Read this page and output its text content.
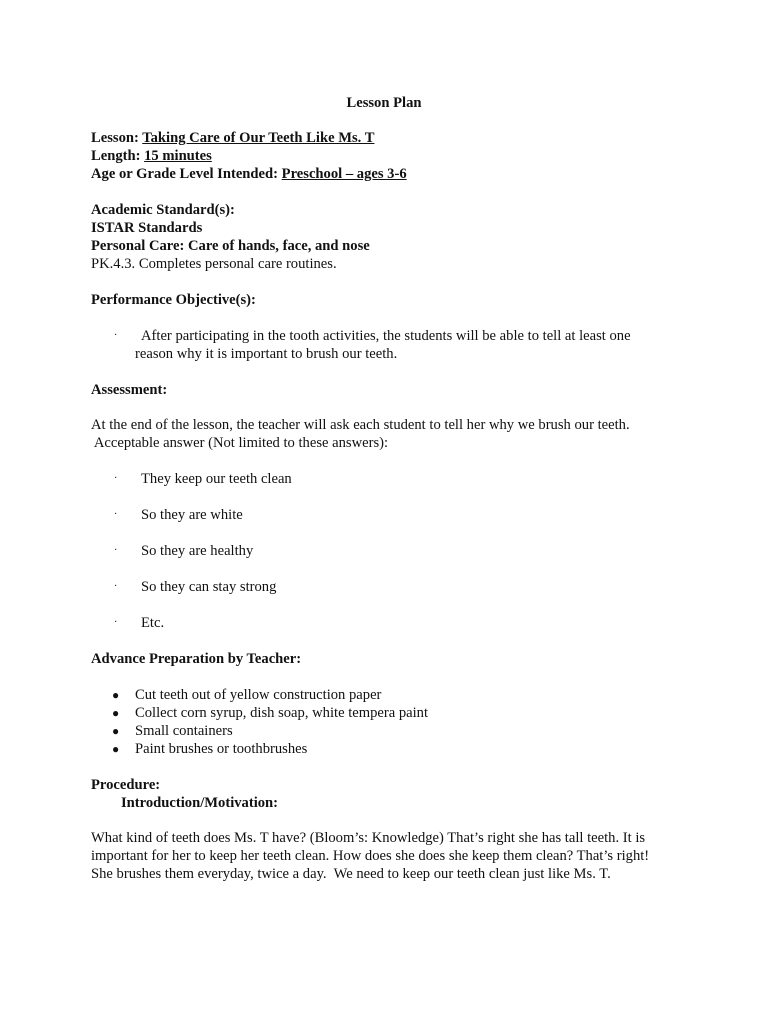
Lesson Plan
Lesson: Taking Care of Our Teeth Like Ms. T
Length: 15 minutes
Age or Grade Level Intended: Preschool – ages 3-6
Academic Standard(s):
ISTAR Standards
Personal Care: Care of hands, face, and nose
PK.4.3. Completes personal care routines.
Performance Objective(s):
· After participating in the tooth activities, the students will be able to tell at least one
reason why it is important to brush our teeth.
Assessment:
At the end of the lesson, the teacher will ask each student to tell her why we brush our teeth.
Acceptable answer (Not limited to these answers):
· They keep our teeth clean
· So they are white
· So they are healthy
· So they can stay strong
· Etc.
Advance Preparation by Teacher:
● Cut teeth out of yellow construction paper
● Collect corn syrup, dish soap, white tempera paint
● Small containers
● Paint brushes or toothbrushes
Procedure:
Introduction/Motivation:
What kind of teeth does Ms. T have? (Bloom’s: Knowledge) That’s right she has tall teeth. It is
important for her to keep her teeth clean. How does she does she keep them clean? That’s right!
She brushes them everyday, twice a day.  We need to keep our teeth clean just like Ms. T.
